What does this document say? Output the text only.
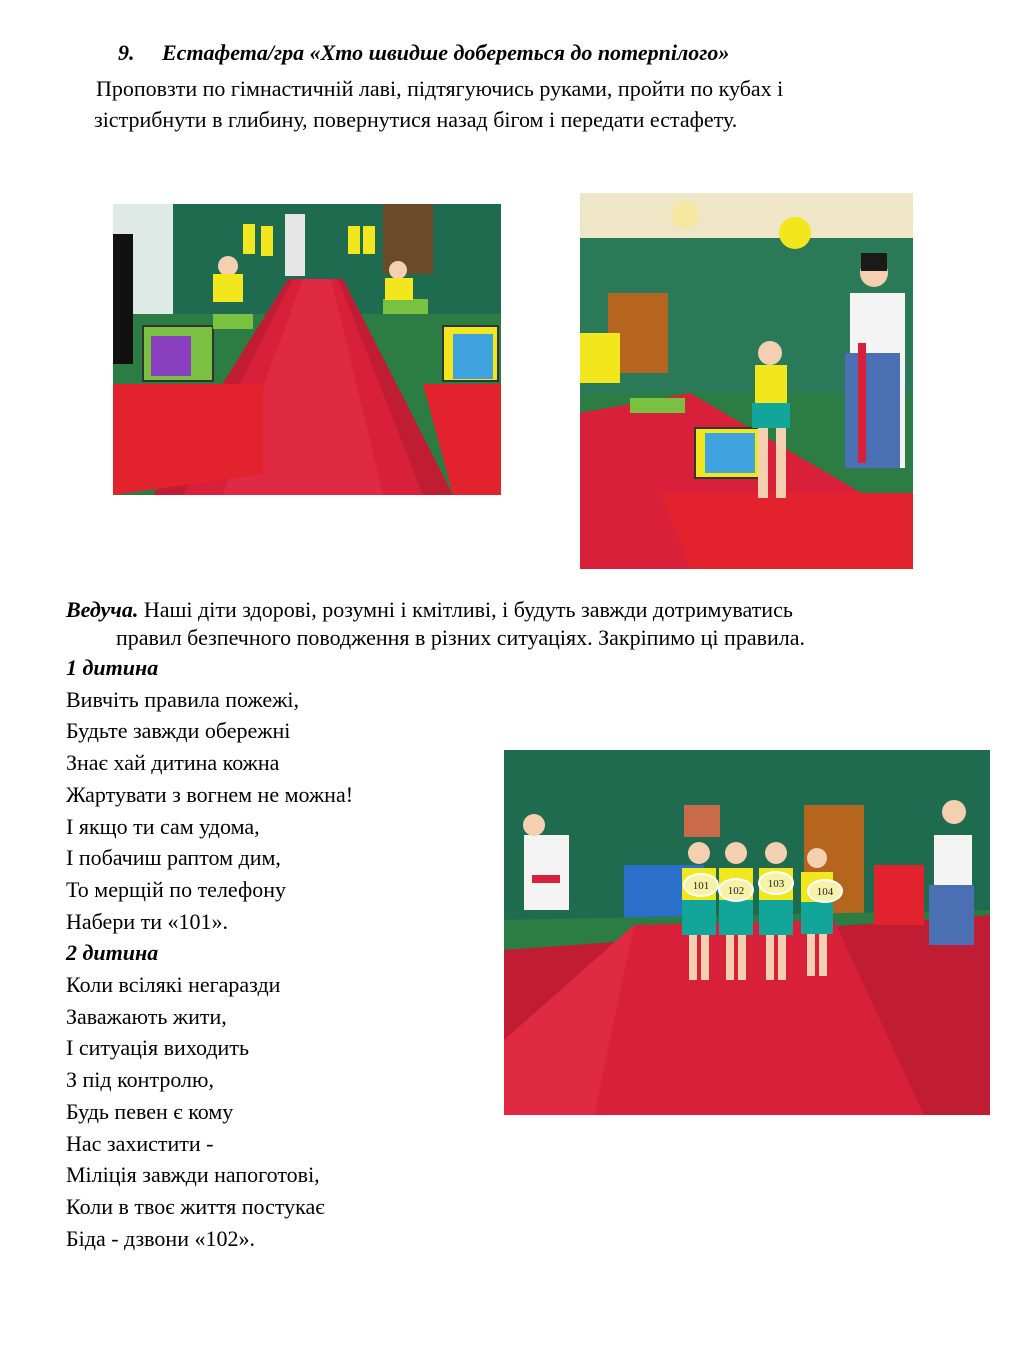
9. Естафета/гра «Хто швидше добереться до потерпілого»
Проповзти по гімнастичній лаві, підтягуючись руками, пройти по кубах і
зістрибнути в глибину, повернутися назад бігом і передати естафету.
Ведуча. Наші діти здорові, розумні і кмітливі, і будуть завжди дотримуватись
правил безпечного поводження в різних ситуаціях. Закріпимо ці правила.
1 дитина
Вивчіть правила пожежі,
Будьте завжди обережні
Знає хай дитина кожна
Жартувати з вогнем не можна!
І якщо ти сам удома,
І побачиш раптом дим,
То мерщій по телефону
Набери ти «101».
2 дитина
Коли всілякі негаразди
Заважають жити,
І ситуація виходить
З під контролю,
Будь певен є кому
Нас захистити -
Міліція завжди напоготові,
Коли в твоє життя постукає
Біда - дзвони «102».
101 102
103
104
